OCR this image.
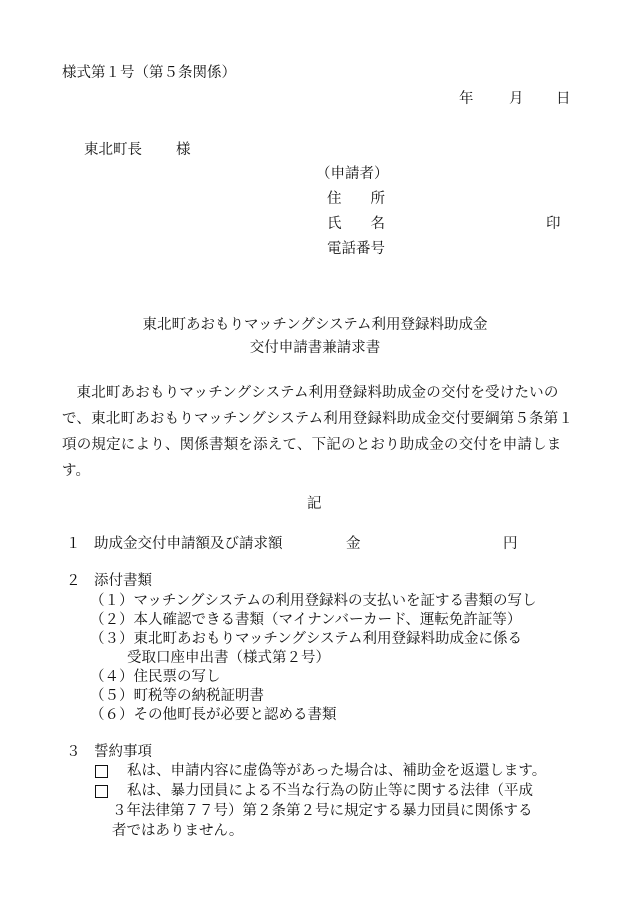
様式第１号（第５条関係）
年 月 日
東北町長 様
（申請者）
住　　所
氏　　名	印
電話番号
東北町あおもりマッチングシステム利用登録料助成金
交付申請書兼請求書
東北町あおもりマッチングシステム利用登録料助成金の交付を受けたいので、東北町あおもりマッチングシステム利用登録料助成金交付要綱第５条第１項の規定により、関係書類を添えて、下記のとおり助成金の交付を申請します。
記
１ 助成金交付申請額及び請求額	金	円
２ 添付書類
（１）マッチングシステムの利用登録料の支払いを証する書類の写し
（２）本人確認できる書類（マイナンバーカード、運転免許証等）
（３）東北町あおもりマッチングシステム利用登録料助成金に係る
受取口座申出書（様式第２号）
（４）住民票の写し
（５）町税等の納税証明書
（６）その他町長が必要と認める書類
３ 誓約事項
私は、申請内容に虚偽等があった場合は、補助金を返還します。
私は、暴力団員による不当な行為の防止等に関する法律（平成
３年法律第７７号）第２条第２号に規定する暴力団員に関係する
者ではありません。
